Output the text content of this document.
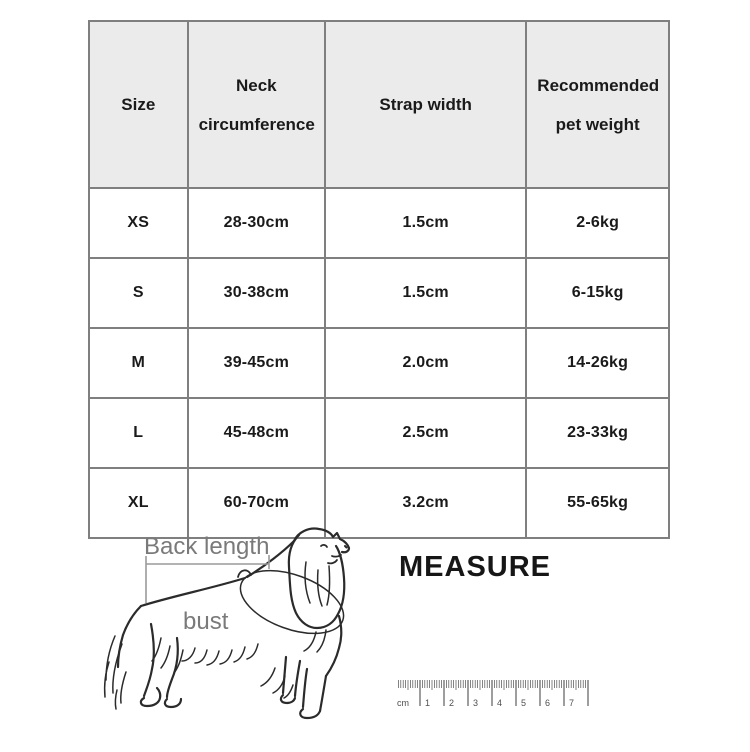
Size	Neck circumference	Strap width	Recommended pet weight
XS	28-30cm	1.5cm	2-6kg
S	30-38cm	1.5cm	6-15kg
M	39-45cm	2.0cm	14-26kg
L	45-48cm	2.5cm	23-33kg
XL	60-70cm	3.2cm	55-65kg
Back length
bust
MEASURE
cm 1 2 3 4 5 6 7
